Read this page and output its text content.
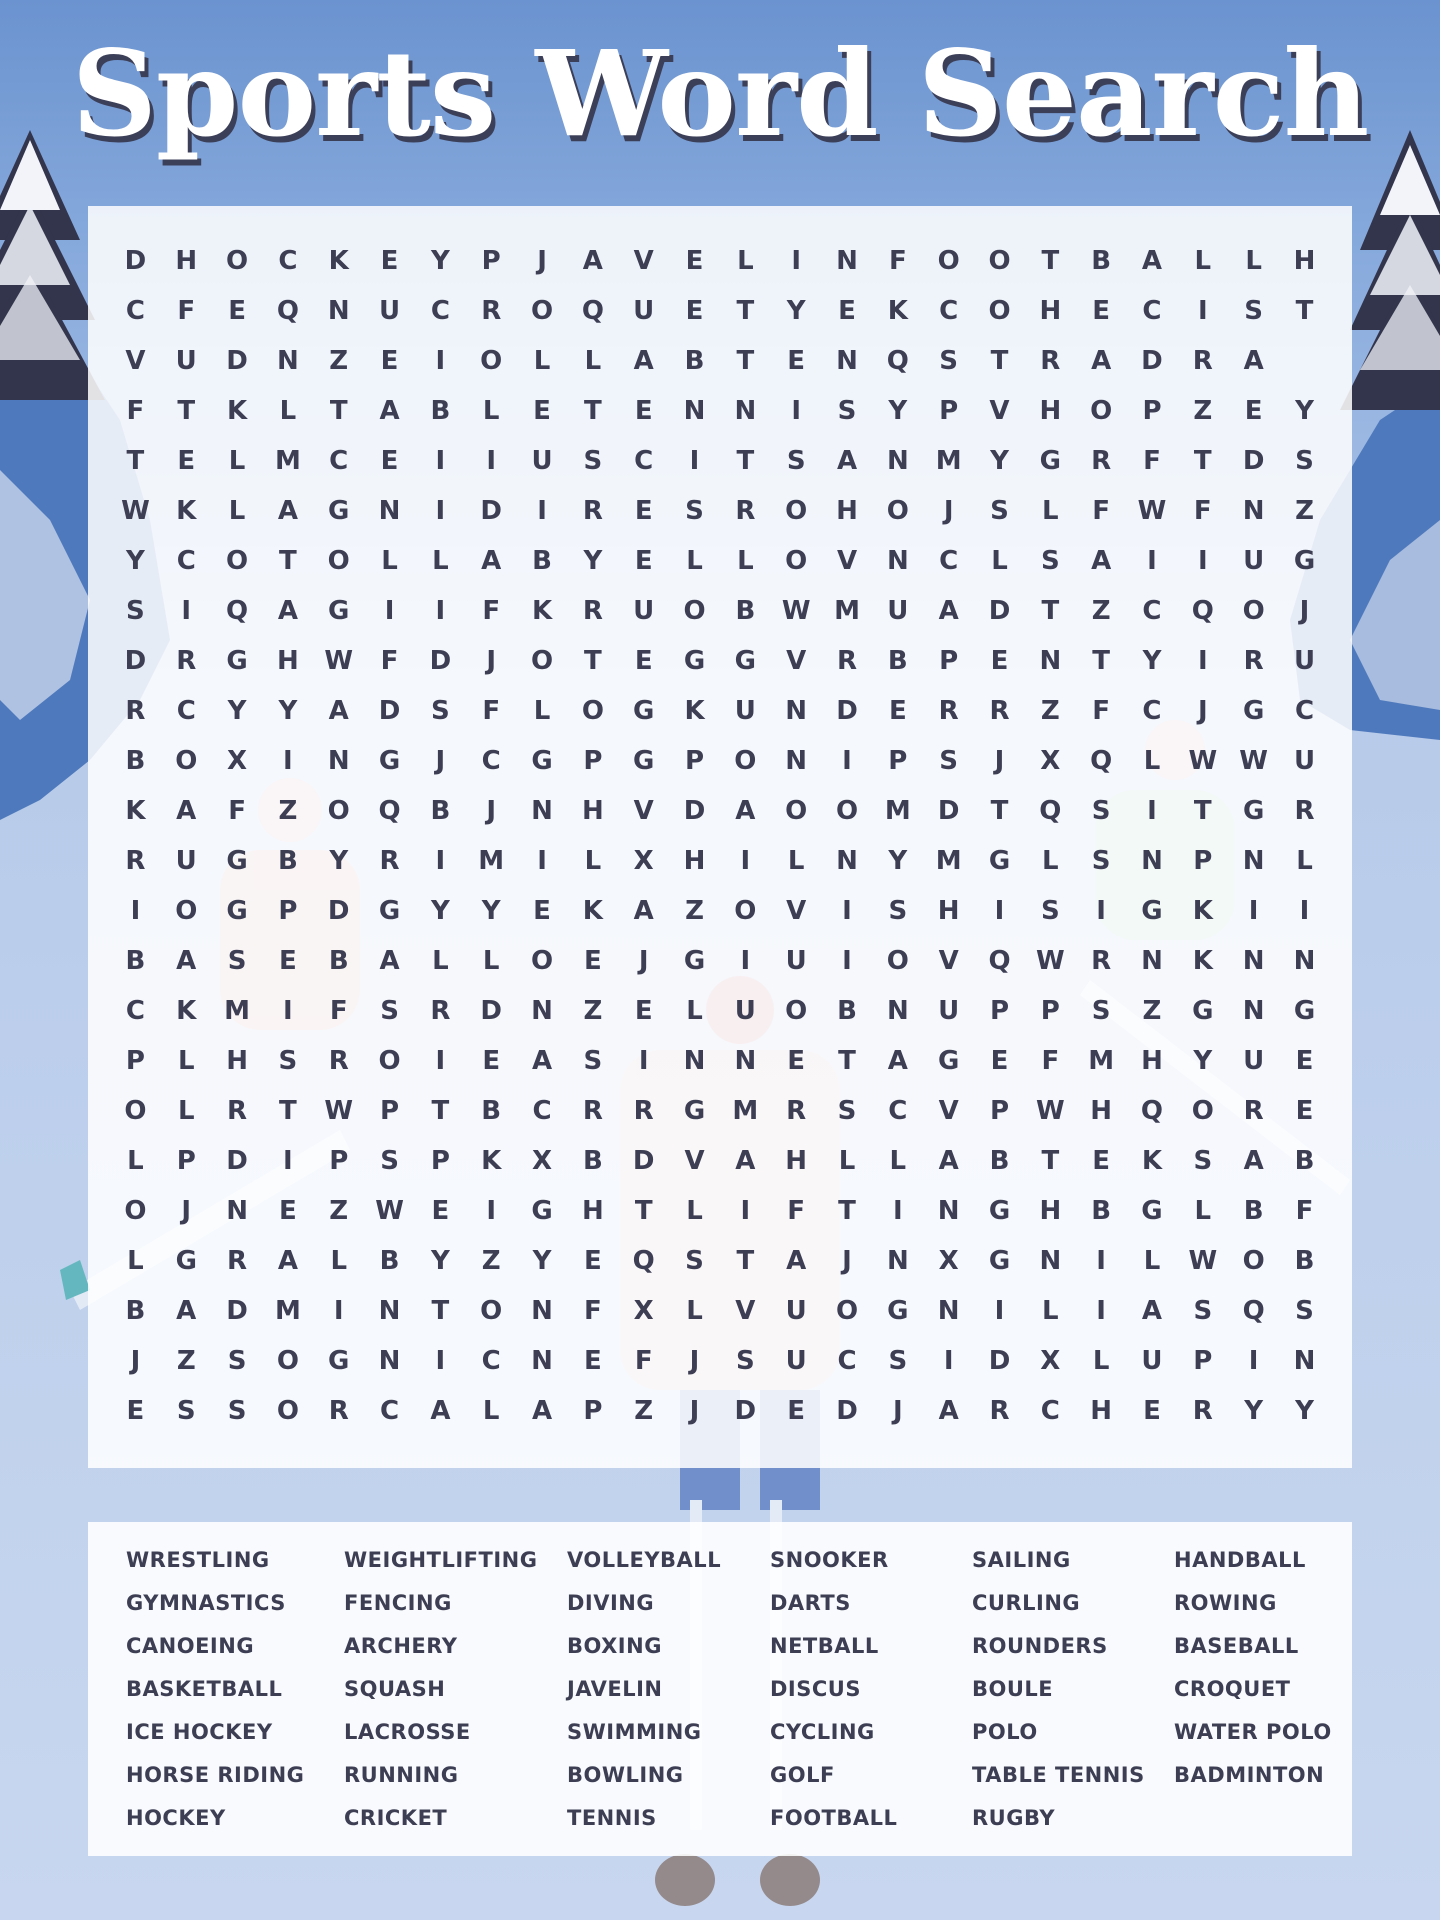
Sports Word Search
D	H	O	C	K	E	Y	P	J	A	V	E	L	I	N	F	O	O	T	B	A	L	L	H
C	F	E	Q	N	U	C	R	O	Q	U	E	T	Y	E	K	C	O	H	E	C	I	S	T
V	U	D	N	Z	E	I	O	L	L	A	B	T	E	N	Q	S	T	R	A	D	R	A	
F	T	K	L	T	A	B	L	E	T	E	N	N	I	S	Y	P	V	H	O	P	Z	E	Y
T	E	L	M	C	E	I	I	U	S	C	I	T	S	A	N	M	Y	G	R	F	T	D	S
W	K	L	A	G	N	I	D	I	R	E	S	R	O	H	O	J	S	L	F	W	F	N	Z
Y	C	O	T	O	L	L	A	B	Y	E	L	L	O	V	N	C	L	S	A	I	I	U	G
S	I	Q	A	G	I	I	F	K	R	U	O	B	W	M	U	A	D	T	Z	C	Q	O	J
D	R	G	H	W	F	D	J	O	T	E	G	G	V	R	B	P	E	N	T	Y	I	R	U
R	C	Y	Y	A	D	S	F	L	O	G	K	U	N	D	E	R	R	Z	F	C	J	G	C
B	O	X	I	N	G	J	C	G	P	G	P	O	N	I	P	S	J	X	Q	L	W	W	U
K	A	F	Z	O	Q	B	J	N	H	V	D	A	O	O	M	D	T	Q	S	I	T	G	R
R	U	G	B	Y	R	I	M	I	L	X	H	I	L	N	Y	M	G	L	S	N	P	N	L
I	O	G	P	D	G	Y	Y	E	K	A	Z	O	V	I	S	H	I	S	I	G	K	I	I
B	A	S	E	B	A	L	L	O	E	J	G	I	U	I	O	V	Q	W	R	N	K	N	N
C	K	M	I	F	S	R	D	N	Z	E	L	U	O	B	N	U	P	P	S	Z	G	N	G
P	L	H	S	R	O	I	E	A	S	I	N	N	E	T	A	G	E	F	M	H	Y	U	E
O	L	R	T	W	P	T	B	C	R	R	G	M	R	S	C	V	P	W	H	Q	O	R	E
L	P	D	I	P	S	P	K	X	B	D	V	A	H	L	L	A	B	T	E	K	S	A	B
O	J	N	E	Z	W	E	I	G	H	T	L	I	F	T	I	N	G	H	B	G	L	B	F
L	G	R	A	L	B	Y	Z	Y	E	Q	S	T	A	J	N	X	G	N	I	L	W	O	B
B	A	D	M	I	N	T	O	N	F	X	L	V	U	O	G	N	I	L	I	A	S	Q	S
J	Z	S	O	G	N	I	C	N	E	F	J	S	U	C	S	I	D	X	L	U	P	I	N
E	S	S	O	R	C	A	L	A	P	Z	J	D	E	D	J	A	R	C	H	E	R	Y	Y
WRESTLING
GYMNASTICS
CANOEING
BASKETBALL
ICE HOCKEY
HORSE RIDING
HOCKEY
WEIGHTLIFTING
FENCING
ARCHERY
SQUASH
LACROSSE
RUNNING
CRICKET
VOLLEYBALL
DIVING
BOXING
JAVELIN
SWIMMING
BOWLING
TENNIS
SNOOKER
DARTS
NETBALL
DISCUS
CYCLING
GOLF
FOOTBALL
SAILING
CURLING
ROUNDERS
BOULE
POLO
TABLE TENNIS
RUGBY
HANDBALL
ROWING
BASEBALL
CROQUET
WATER POLO
BADMINTON
